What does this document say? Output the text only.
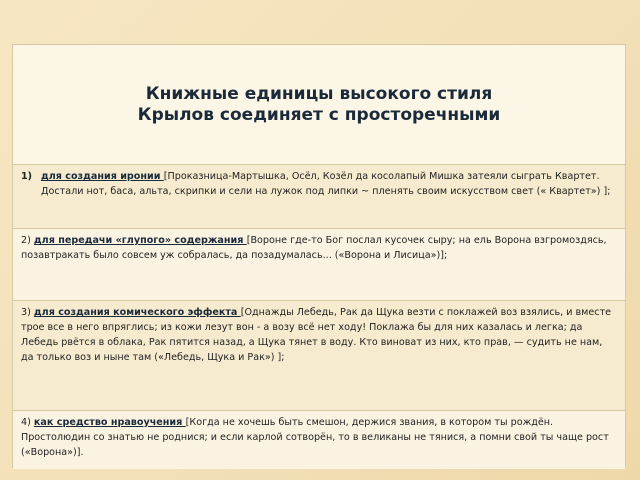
Книжные единицы высокого стиля
Крылов соединяет с просторечными
1) для создания иронии [Проказница-Мартышка, Осёл, Козёл да косолапый Мишка затеяли сыграть Квартет. Достали нот, баса, альта, скрипки и сели на лужок под липки ~ пленять своим искусством свет (« Квартет») ];
2) для передачи «глупого» содержания [Вороне где-то Бог послал кусочек сыру; на ель Ворона взгромоздясь, позавтракать было совсем уж собралась, да позадумалась... («Ворона и Лисица»)];
3) для создания комического эффекта [Однажды Лебедь, Рак да Щука везти с поклажей воз взялись, и вместе трое все в него впряглись; из кожи лезут вон - а возу всё нет ходу! Поклажа бы для них казалась и легка; да Лебедь рвётся в облака, Рак пятится назад, а Щука тянет в воду. Кто виноват из них, кто прав, — судить не нам, да только воз и ныне там («Лебедь, Щука и Рак») ];
4) как средство нравоучения [Когда не хочешь быть смешон, держися звания, в котором ты рождён. Простолюдин со знатью не роднися; и если карлой сотворён, то в великаны не тянися, а помни свой ты чаще рост («Ворона»)].
